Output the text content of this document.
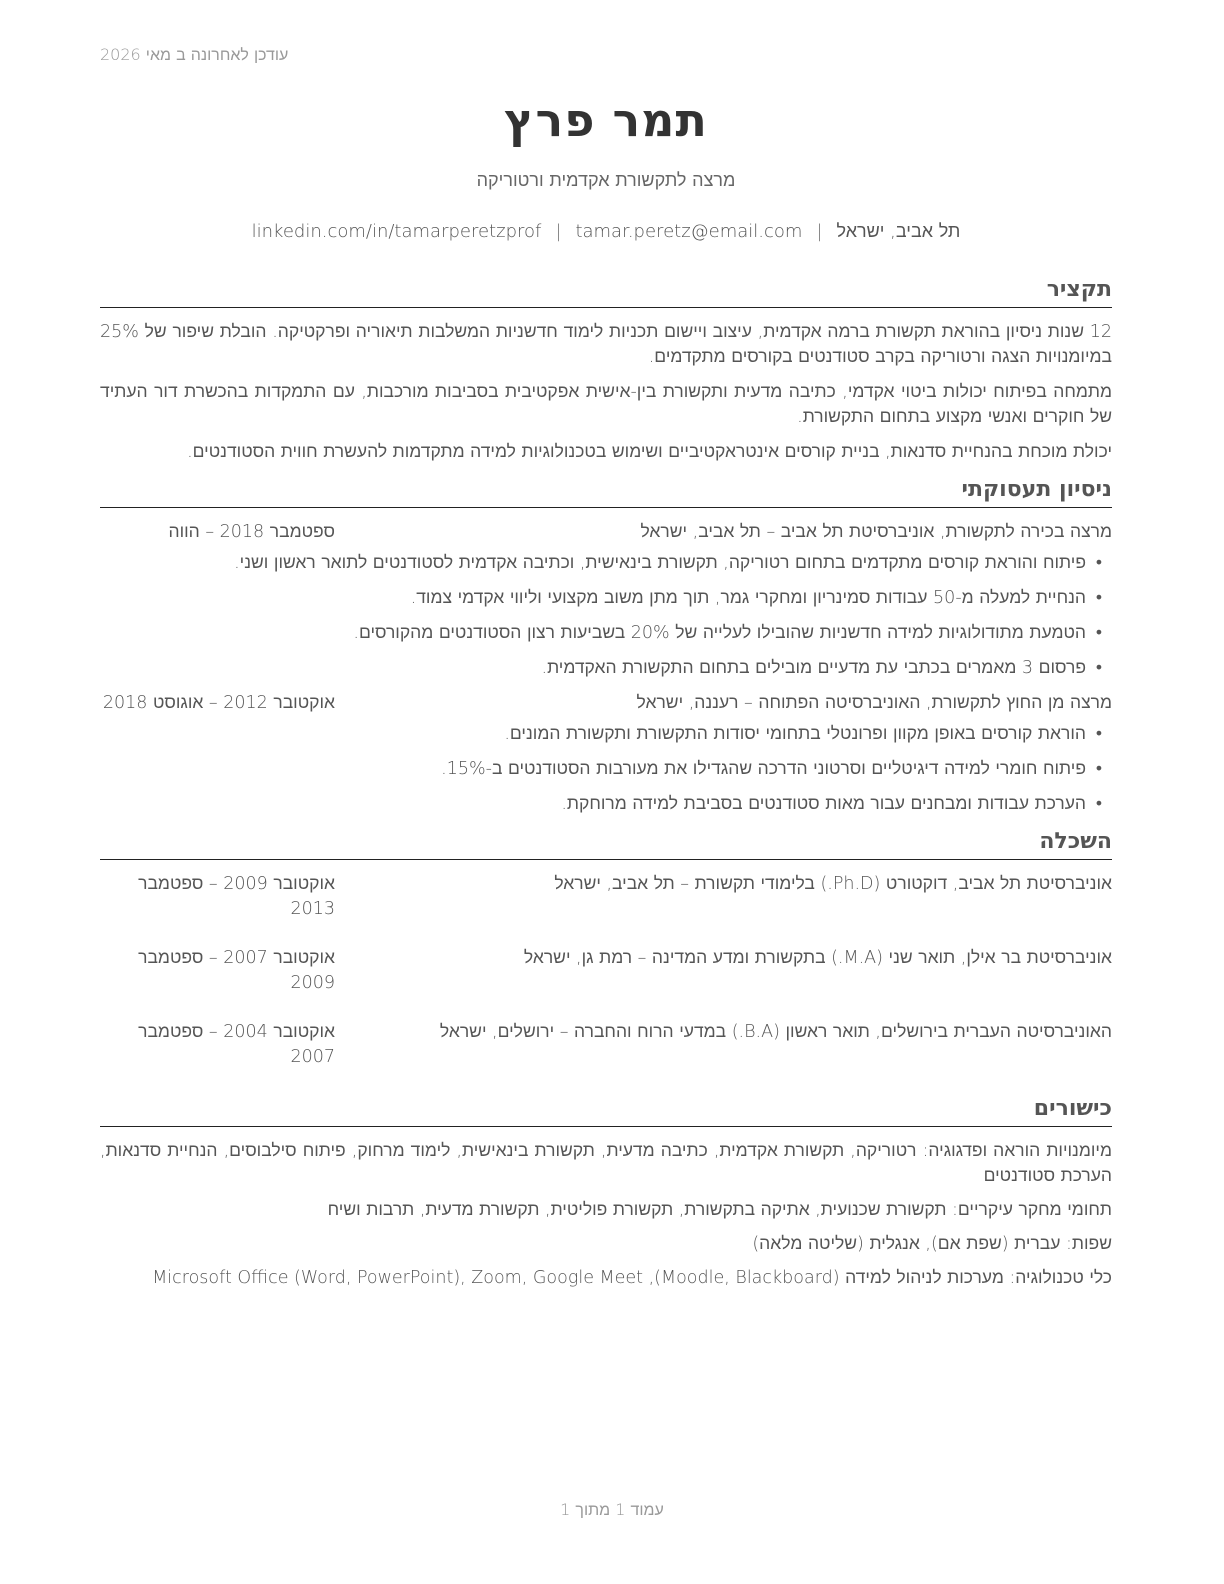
עודכן לאחרונה ב מאי 2026
תמר פרץ
מרצה לתקשורת אקדמית ורטוריקה
linkedin.com/in/tamarperetzprof | tamar.peretz@email.com | תל אביב, ישראל
תקציר

12 שנות ניסיון בהוראת תקשורת ברמה אקדמית, עיצוב ויישום תכניות לימוד חדשניות המשלבות תיאוריה ופרקטיקה. הובלת שיפור של 25% במיומנויות הצגה ורטוריקה בקרב סטודנטים בקורסים מתקדמים.

מתמחה בפיתוח יכולות ביטוי אקדמי, כתיבה מדעית ותקשורת בין-אישית אפקטיבית בסביבות מורכבות, עם התמקדות בהכשרת דור העתיד של חוקרים ואנשי מקצוע בתחום התקשורת.

יכולת מוכחת בהנחיית סדנאות, בניית קורסים אינטראקטיביים ושימוש בטכנולוגיות למידה מתקדמות להעשרת חווית הסטודנטים.

ניסיון תעסוקתי
מרצה בכירה לתקשורת, אוניברסיטת תל אביב – תל אביב, ישראל
ספטמבר 2018 – הווה
•פיתוח והוראת קורסים מתקדמים בתחום רטוריקה, תקשורת בינאישית, וכתיבה אקדמית לסטודנטים לתואר ראשון ושני.
•הנחיית למעלה מ-50 עבודות סמינריון ומחקרי גמר, תוך מתן משוב מקצועי וליווי אקדמי צמוד.
•הטמעת מתודולוגיות למידה חדשניות שהובילו לעלייה של 20% בשביעות רצון הסטודנטים מהקורסים.
•פרסום 3 מאמרים בכתבי עת מדעיים מובילים בתחום התקשורת האקדמית.
מרצה מן החוץ לתקשורת, האוניברסיטה הפתוחה – רעננה, ישראל
אוקטובר 2012 – אוגוסט 2018
•הוראת קורסים באופן מקוון ופרונטלי בתחומי יסודות התקשורת ותקשורת המונים.
•פיתוח חומרי למידה דיגיטליים וסרטוני הדרכה שהגדילו את מעורבות הסטודנטים ב-15%.
•הערכת עבודות ומבחנים עבור מאות סטודנטים בסביבת למידה מרוחקת.
השכלה
אוניברסיטת תל אביב, דוקטורט (Ph.D.) בלימודי תקשורת – תל אביב, ישראל
אוקטובר 2009 – ספטמבר 2013
אוניברסיטת בר אילן, תואר שני (M.A.) בתקשורת ומדע המדינה – רמת גן, ישראל
אוקטובר 2007 – ספטמבר 2009
האוניברסיטה העברית בירושלים, תואר ראשון (B.A.) במדעי הרוח והחברה – ירושלים, ישראל
אוקטובר 2004 – ספטמבר 2007
כישורים

מיומנויות הוראה ופדגוגיה: רטוריקה, תקשורת אקדמית, כתיבה מדעית, תקשורת בינאישית, לימוד מרחוק, פיתוח סילבוסים, הנחיית סדנאות, הערכת סטודנטים

תחומי מחקר עיקריים: תקשורת שכנועית, אתיקה בתקשורת, תקשורת פוליטית, תקשורת מדעית, תרבות ושיח

שפות: עברית (שפת אם), אנגלית (שליטה מלאה)

כלי טכנולוגיה: מערכות לניהול למידה (Moodle, Blackboard), Microsoft Office (Word, PowerPoint), Zoom, Google Meet

עמוד 1 מתוך 1
